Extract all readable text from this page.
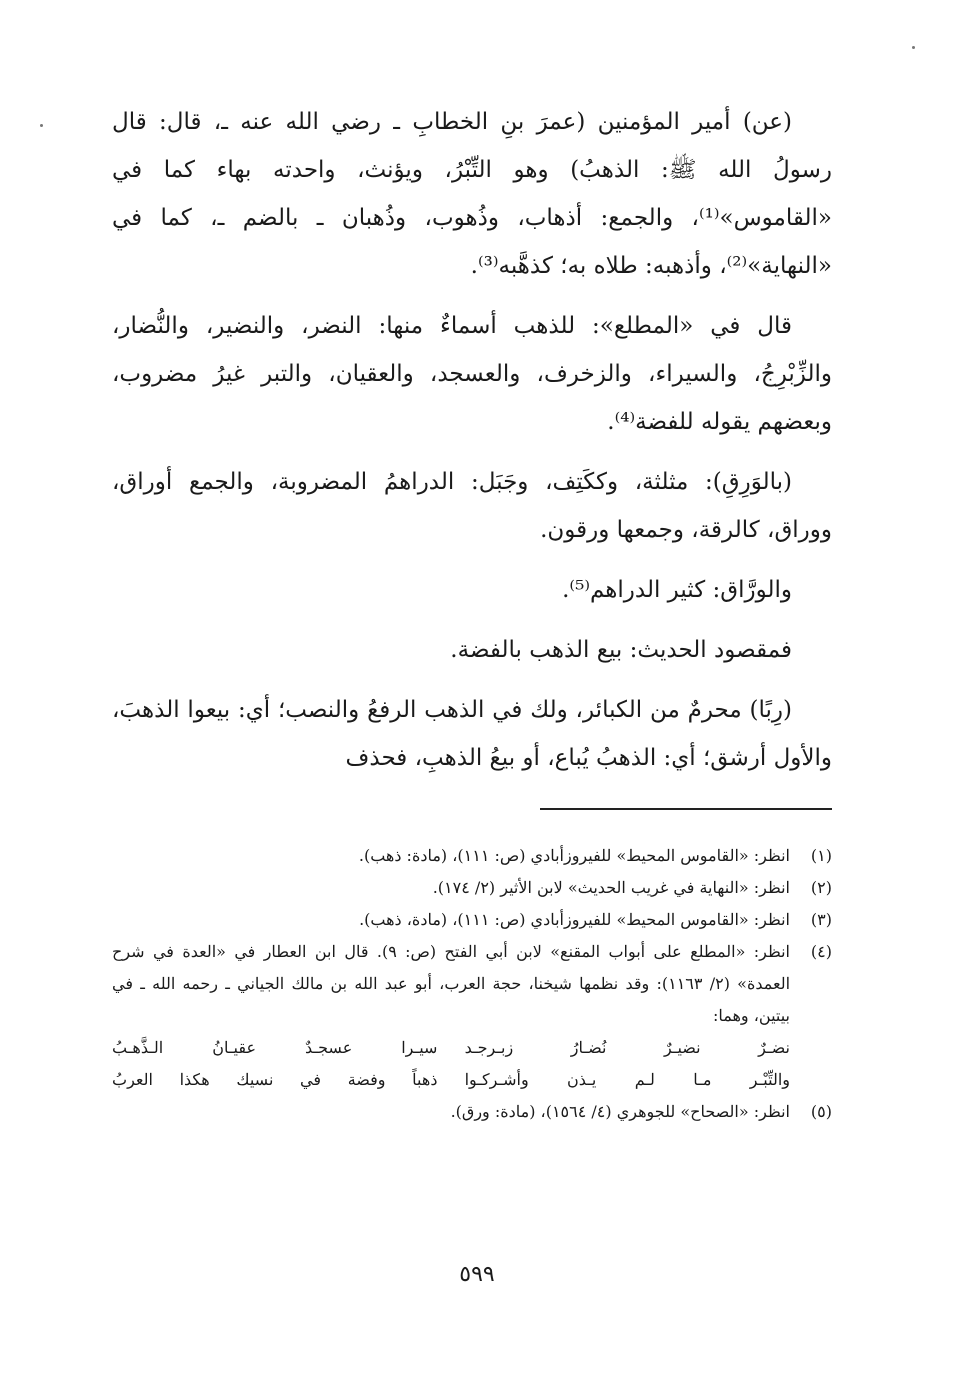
(عن) أمير المؤمنين (عمرَ بنِ الخطابِ ـ رضي الله عنه ـ، قال: قال رسولُ الله ﷺ: الذهبُ) وهو التِّبْرُ، ويؤنث، واحدته بهاء كما في «القاموس»⁽¹⁾، والجمع: أذهاب، وذُهوب، وذُهبان ـ بالضم ـ، كما في «النهاية»⁽²⁾، وأذهبه: طلاه به؛ كذهَّبه⁽³⁾.

قال في «المطلع»: للذهب أسماءٌ منها: النضر، والنضير، والنُّضار، والزِّبْرِجُ، والسيراء، والزخرف، والعسجد، والعقيان، والتبر غيرُ مضروب، وبعضهم يقوله للفضة⁽⁴⁾.

(بالوَرِقِ): مثلثة، وككَتِف، وجَبَل: الدراهمُ المضروبة، والجمع أوراق، ووراق، كالرقة، وجمعها ورقون.

والورَّاق: كثير الدراهم⁽⁵⁾.

فمقصود الحديث: بيع الذهب بالفضة.

(رِبًا) محرمٌ من الكبائر، ولك في الذهب الرفعُ والنصب؛ أي: بيعوا الذهبَ، والأول أرشق؛ أي: الذهبُ يُباع، أو بيعُ الذهبِ، فحذف

(١)
انظر: «القاموس المحيط» للفيروزأبادي (ص: ١١١)، (مادة: ذهب).
(٢)
انظر: «النهاية في غريب الحديث» لابن الأثير (٢/ ١٧٤).
(٣)
انظر: «القاموس المحيط» للفيروزأبادي (ص: ١١١)، (مادة، ذهب).
(٤)
انظر: «المطلع على أبواب المقنع» لابن أبي الفتح (ص: ٩). قال ابن العطار في «العدة في شرح العمدة» (٢/ ١١٦٣): وقد نظمها شيخنا، حجة العرب، أبو عبد الله بن مالك الجياني ـ رحمه الله ـ في بيتين، وهما:
نضـرٌ نضيـرٌ نُضـارُ زبـرجـد
سيـرا عسجـدٌ عقيـانُ الـذَّهـبُ
والتِّبْـر مـا لـم يـذن وأشـركـوا
ذهباً وفضة في نسيك هكذا العربُ
(٥)
انظر: «الصحاح» للجوهري (٤/ ١٥٦٤)، (مادة: ورق).
٥٩٩
